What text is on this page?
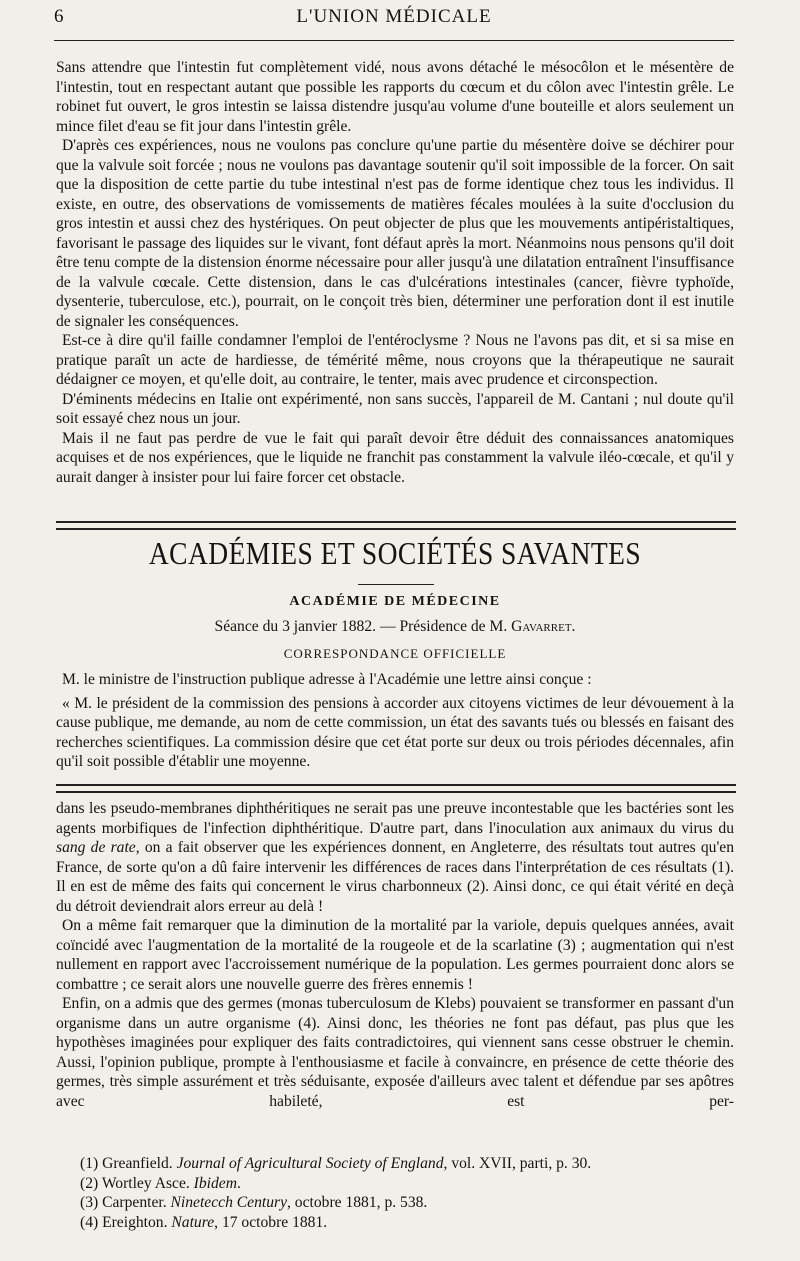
6	L'UNION MÉDICALE

Sans attendre que l'intestin fut complètement vidé, nous avons détaché le mésocôlon et le mésentère de l'intestin, tout en respectant autant que possible les rapports du cœcum et du côlon avec l'intestin grêle. Le robinet fut ouvert, le gros intestin se laissa distendre jusqu'au volume d'une bouteille et alors seulement un mince filet d'eau se fit jour dans l'intestin grêle.

D'après ces expériences, nous ne voulons pas conclure qu'une partie du mésentère doive se déchirer pour que la valvule soit forcée ; nous ne voulons pas davantage soutenir qu'il soit impossible de la forcer. On sait que la disposition de cette partie du tube intestinal n'est pas de forme identique chez tous les individus. Il existe, en outre, des observations de vomissements de matières fécales moulées à la suite d'occlusion du gros intestin et aussi chez des hystériques. On peut objecter de plus que les mouvements antipéristaltiques, favorisant le passage des liquides sur le vivant, font défaut après la mort. Néanmoins nous pensons qu'il doit être tenu compte de la distension énorme nécessaire pour aller jusqu'à une dilatation entraînent l'insuffisance de la valvule cœcale. Cette distension, dans le cas d'ulcérations intestinales (cancer, fièvre typhoïde, dysenterie, tuberculose, etc.), pourrait, on le conçoit très bien, déterminer une perforation dont il est inutile de signaler les conséquences.

Est-ce à dire qu'il faille condamner l'emploi de l'entéroclysme ? Nous ne l'avons pas dit, et si sa mise en pratique paraît un acte de hardiesse, de témérité même, nous croyons que la thérapeutique ne saurait dédaigner ce moyen, et qu'elle doit, au contraire, le tenter, mais avec prudence et circonspection.

D'éminents médecins en Italie ont expérimenté, non sans succès, l'appareil de M. Cantani ; nul doute qu'il soit essayé chez nous un jour.

Mais il ne faut pas perdre de vue le fait qui paraît devoir être déduit des connaissances anatomiques acquises et de nos expériences, que le liquide ne franchit pas constamment la valvule iléo-cœcale, et qu'il y aurait danger à insister pour lui faire forcer cet obstacle.

ACADÉMIES ET SOCIÉTÉS SAVANTES
ACADÉMIE DE MÉDECINE
Séance du 3 janvier 1882. — Présidence de M. Gavarret.
CORRESPONDANCE OFFICIELLE

M. le ministre de l'instruction publique adresse à l'Académie une lettre ainsi conçue :

« M. le président de la commission des pensions à accorder aux citoyens victimes de leur dévouement à la cause publique, me demande, au nom de cette commission, un état des savants tués ou blessés en faisant des recherches scientifiques. La commission désire que cet état porte sur deux ou trois périodes décennales, afin qu'il soit possible d'établir une moyenne.

dans les pseudo-membranes diphthéritiques ne serait pas une preuve incontestable que les bactéries sont les agents morbifiques de l'infection diphthéritique. D'autre part, dans l'inoculation aux animaux du virus du sang de rate, on a fait observer que les expériences donnent, en Angleterre, des résultats tout autres qu'en France, de sorte qu'on a dû faire intervenir les différences de races dans l'interprétation de ces résultats (1). Il en est de même des faits qui concernent le virus charbonneux (2). Ainsi donc, ce qui était vérité en deçà du détroit deviendrait alors erreur au delà !

On a même fait remarquer que la diminution de la mortalité par la variole, depuis quelques années, avait coïncidé avec l'augmentation de la mortalité de la rougeole et de la scarlatine (3) ; augmentation qui n'est nullement en rapport avec l'accroissement numérique de la population. Les germes pourraient donc alors se combattre ; ce serait alors une nouvelle guerre des frères ennemis !

Enfin, on a admis que des germes (monas tuberculosum de Klebs) pouvaient se transformer en passant d'un organisme dans un autre organisme (4). Ainsi donc, les théories ne font pas défaut, pas plus que les hypothèses imaginées pour expliquer des faits contradictoires, qui viennent sans cesse obstruer le chemin. Aussi, l'opinion publique, prompte à l'enthousiasme et facile à convaincre, en présence de cette théorie des germes, très simple assurément et très séduisante, exposée d'ailleurs avec talent et défendue par ses apôtres avec habileté, est per-

(1) Greanfield. Journal of Agricultural Society of England, vol. XVII, parti, p. 30.

(2) Wortley Asce. Ibidem.

(3) Carpenter. Ninetecch Century, octobre 1881, p. 538.

(4) Ereighton. Nature, 17 octobre 1881.
